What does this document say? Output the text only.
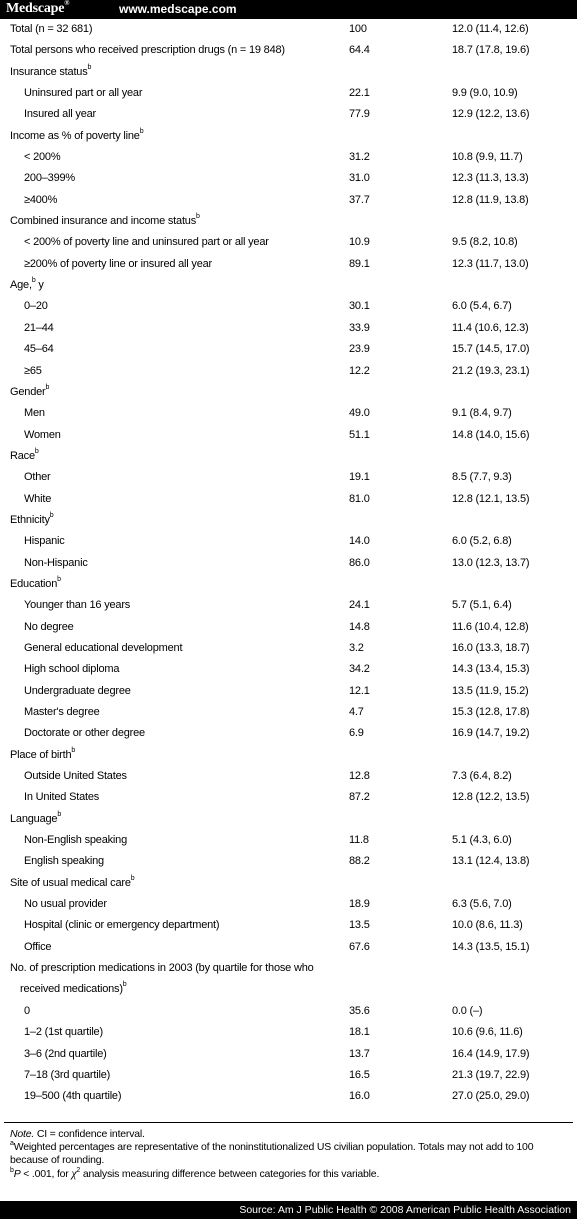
Medscape®	www.medscape.com
Total (n = 32 681)	100	12.0 (11.4, 12.6)
Total persons who received prescription drugs (n = 19 848)	64.4	18.7 (17.8, 19.6)
Insurance status$^b$
Uninsured part or all year	22.1	9.9 (9.0, 10.9)
Insured all year	77.9	12.9 (12.2, 13.6)
Income as % of poverty line$^b$
< 200%	31.2	10.8 (9.9, 11.7)
200–399%	31.0	12.3 (11.3, 13.3)
≥400%	37.7	12.8 (11.9, 13.8)
Combined insurance and income status$^b$
< 200% of poverty line and uninsured part or all year	10.9	9.5 (8.2, 10.8)
≥200% of poverty line or insured all year	89.1	12.3 (11.7, 13.0)
Age,$^b$ y
0–20	30.1	6.0 (5.4, 6.7)
21–44	33.9	11.4 (10.6, 12.3)
45–64	23.9	15.7 (14.5, 17.0)
≥65	12.2	21.2 (19.3, 23.1)
Gender$^b$
Men	49.0	9.1 (8.4, 9.7)
Women	51.1	14.8 (14.0, 15.6)
Race$^b$
Other	19.1	8.5 (7.7, 9.3)
White	81.0	12.8 (12.1, 13.5)
Ethnicity$^b$
Hispanic	14.0	6.0 (5.2, 6.8)
Non-Hispanic	86.0	13.0 (12.3, 13.7)
Education$^b$
Younger than 16 years	24.1	5.7 (5.1, 6.4)
No degree	14.8	11.6 (10.4, 12.8)
General educational development	3.2	16.0 (13.3, 18.7)
High school diploma	34.2	14.3 (13.4, 15.3)
Undergraduate degree	12.1	13.5 (11.9, 15.2)
Master's degree	4.7	15.3 (12.8, 17.8)
Doctorate or other degree	6.9	16.9 (14.7, 19.2)
Place of birth$^b$
Outside United States	12.8	7.3 (6.4, 8.2)
In United States	87.2	12.8 (12.2, 13.5)
Language$^b$
Non-English speaking	11.8	5.1 (4.3, 6.0)
English speaking	88.2	13.1 (12.4, 13.8)
Site of usual medical care$^b$
No usual provider	18.9	6.3 (5.6, 7.0)
Hospital (clinic or emergency department)	13.5	10.0 (8.6, 11.3)
Office	67.6	14.3 (13.5, 15.1)
No. of prescription medications in 2003 (by quartile for those who
received medications)$^b$
0	35.6	0.0 (–)
1–2 (1st quartile)	18.1	10.6 (9.6, 11.6)
3–6 (2nd quartile)	13.7	16.4 (14.9, 17.9)
7–18 (3rd quartile)	16.5	21.3 (19.7, 22.9)
19–500 (4th quartile)	16.0	27.0 (25.0, 29.0)

Note. CI = confidence interval.

$^a$Weighted percentages are representative of the noninstitutionalized US civilian population. Totals may not add to 100 because of rounding.

$^b$P < .001, for $\chi^2$ analysis measuring difference between categories for this variable.

Source: Am J Public Health © 2008 American Public Health Association
